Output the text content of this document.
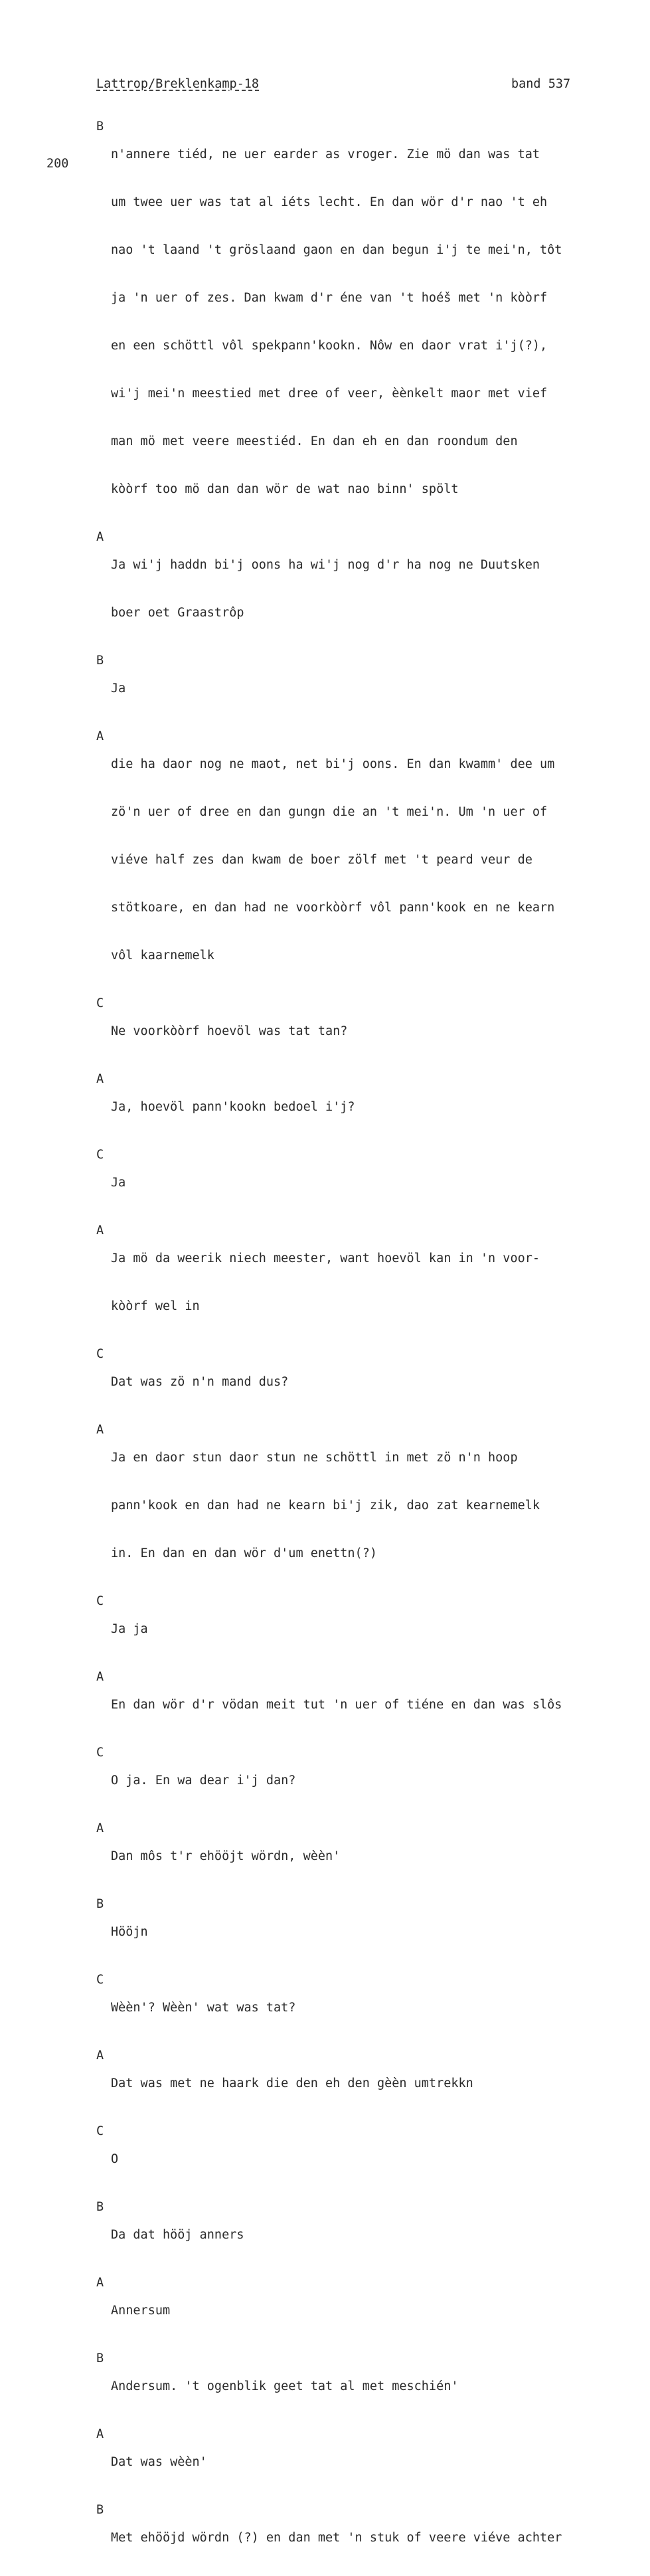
Lattrop/Breklenkamp-18	band 537
200
B

n'annere tiéd, ne uer earder as vroger. Zie mö dan was tat

um twee uer was tat al iéts lecht. En dan wör d'r nao 't eh

nao 't laand 't gröslaand gaon en dan begun i'j te mei'n, tôt

ja 'n uer of zes. Dan kwam d'r éne van 't hoéš met 'n kòòrf

en een schöttl vôl spekpann'kookn. Nôw en daor vrat i'j(?),

wi'j mei'n meestied met dree of veer, èènkelt maor met vief

man mö met veere meestiéd. En dan eh en dan roondum den

kòòrf too mö dan dan wör de wat nao binn' spölt

A

Ja wi'j haddn bi'j oons ha wi'j nog d'r ha nog ne Duutsken

boer oet Graastrôp

B

Ja

A

die ha daor nog ne maot, net bi'j oons. En dan kwamm' dee um

zö'n uer of dree en dan gungn die an 't mei'n. Um 'n uer of

viéve half zes dan kwam de boer zölf met 't peard veur de

stötkoare, en dan had ne voorkòòrf vôl pann'kook en ne kearn

vôl kaarnemelk

C

Ne voorkòòrf hoevöl was tat tan?

A

Ja, hoevöl pann'kookn bedoel i'j?

C

Ja

A

Ja mö da weerik niech meester, want hoevöl kan in 'n voor-

kòòrf wel in

C

Dat was zö n'n mand dus?

A

Ja en daor stun daor stun ne schöttl in met zö n'n hoop

pann'kook en dan had ne kearn bi'j zik, dao zat kearnemelk

in. En dan en dan wör d'um enettn(?)

C

Ja ja

A

En dan wör d'r vödan meit tut 'n uer of tiéne en dan was slôs

C

O ja. En wa dear i'j dan?

A

Dan môs t'r ehööjt wördn, wèèn'

B

Hööjn

C

Wèèn'? Wèèn' wat was tat?

A

Dat was met ne haark die den eh den gèèn umtrekkn

C

O

B

Da dat hööj anners

A

Annersum

B

Andersum. 't ogenblik geet tat al met meschién'

A

Dat was wèèn'

B

Met ehööjd wördn (?) en dan met 'n stuk of veere viéve achter
